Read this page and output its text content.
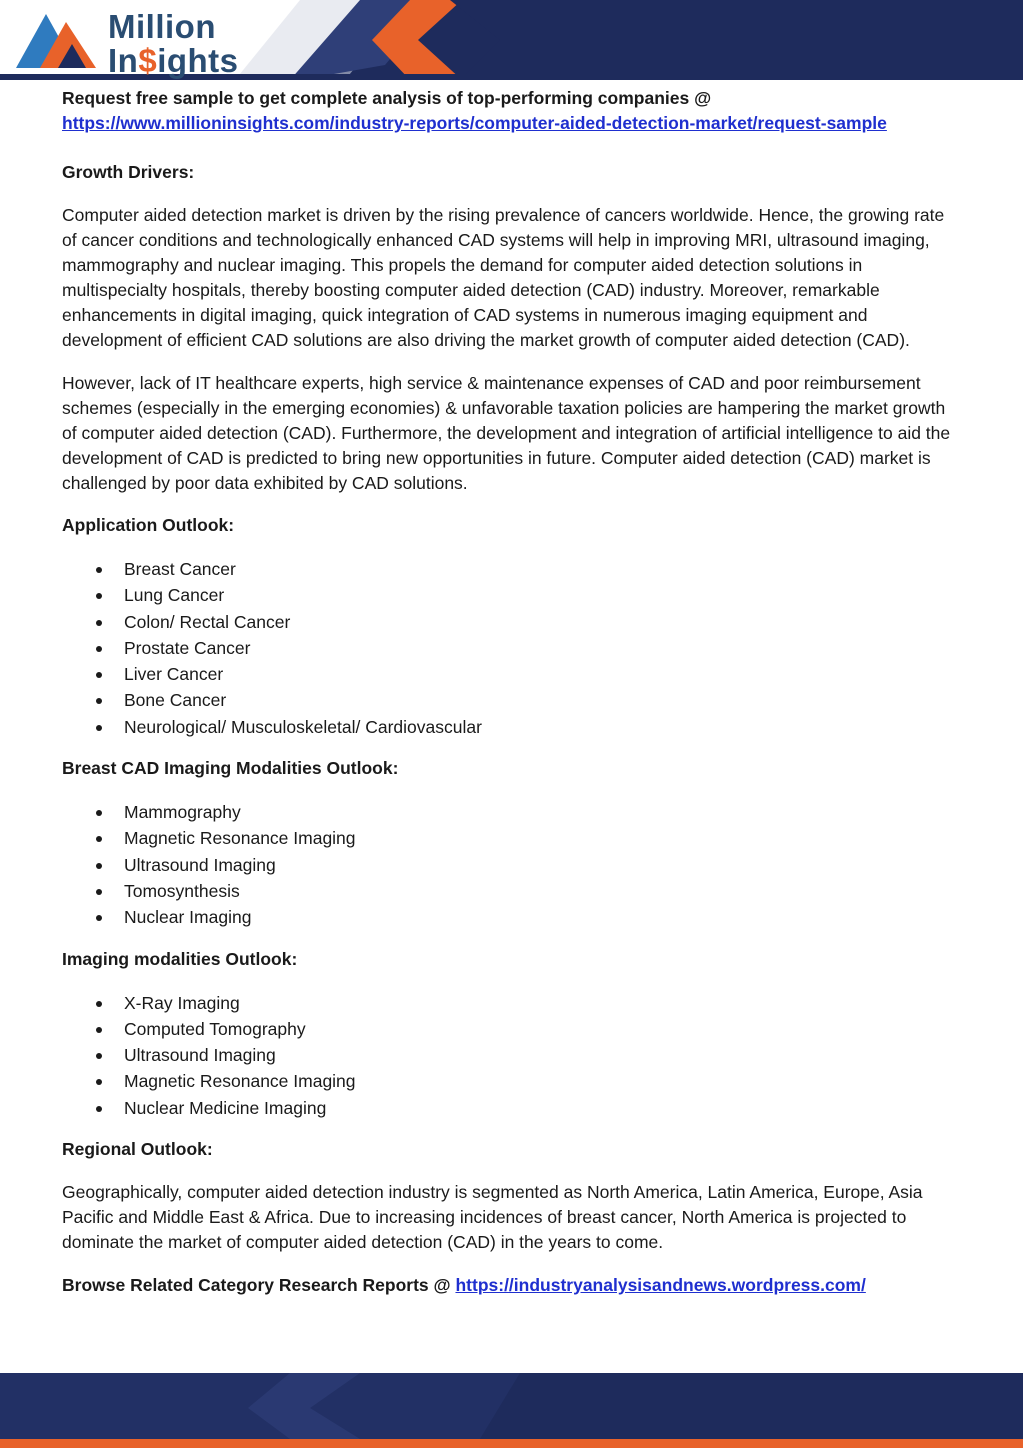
Million
In$ights

Request free sample to get complete analysis of top-performing companies @

https://www.millioninsights.com/industry-reports/computer-aided-detection-market/request-sample

Growth Drivers:

Computer aided detection market is driven by the rising prevalence of cancers worldwide. Hence, the growing rate of cancer conditions and technologically enhanced CAD systems will help in improving MRI, ultrasound imaging, mammography and nuclear imaging. This propels the demand for computer aided detection solutions in multispecialty hospitals, thereby boosting computer aided detection (CAD) industry. Moreover, remarkable enhancements in digital imaging, quick integration of CAD systems in numerous imaging equipment and development of efficient CAD solutions are also driving the market growth of computer aided detection (CAD).

However, lack of IT healthcare experts, high service & maintenance expenses of CAD and poor reimbursement schemes (especially in the emerging economies) & unfavorable taxation policies are hampering the market growth of computer aided detection (CAD). Furthermore, the development and integration of artificial intelligence to aid the development of CAD is predicted to bring new opportunities in future. Computer aided detection (CAD) market is challenged by poor data exhibited by CAD solutions.

Application Outlook:

Breast Cancer
Lung Cancer
Colon/ Rectal Cancer
Prostate Cancer
Liver Cancer
Bone Cancer
Neurological/ Musculoskeletal/ Cardiovascular

Breast CAD Imaging Modalities Outlook:

Mammography
Magnetic Resonance Imaging
Ultrasound Imaging
Tomosynthesis
Nuclear Imaging

Imaging modalities Outlook:

X-Ray Imaging
Computed Tomography
Ultrasound Imaging
Magnetic Resonance Imaging
Nuclear Medicine Imaging

Regional Outlook:

Geographically, computer aided detection industry is segmented as North America, Latin America, Europe, Asia Pacific and Middle East & Africa. Due to increasing incidences of breast cancer, North America is projected to dominate the market of computer aided detection (CAD) in the years to come.

Browse Related Category Research Reports @ https://industryanalysisandnews.wordpress.com/
